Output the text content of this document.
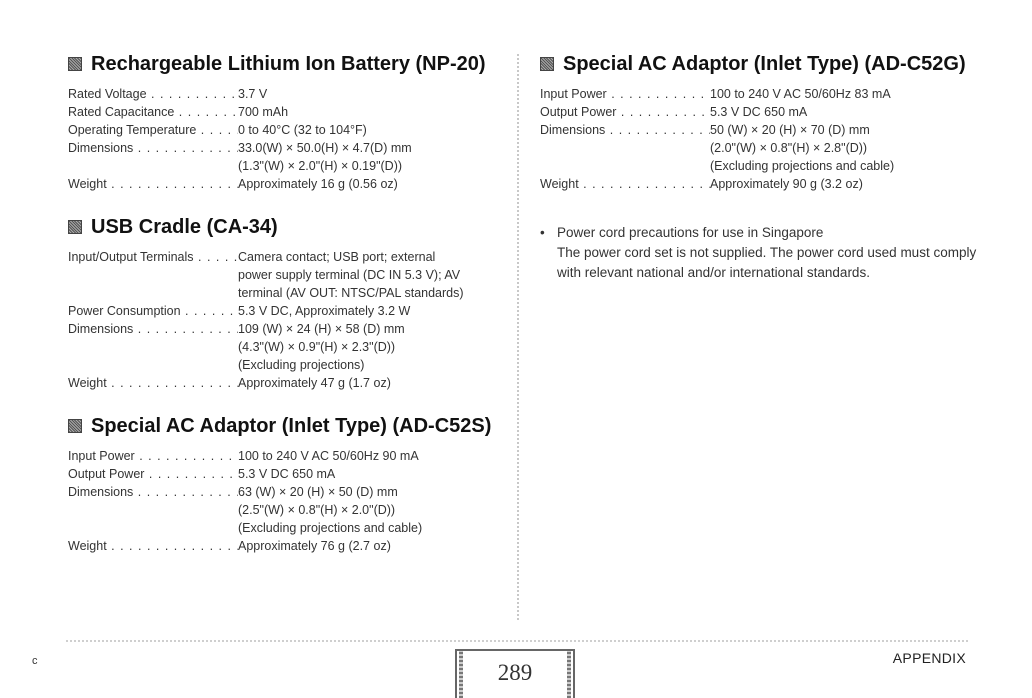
Rechargeable Lithium Ion Battery (NP-20)
Rated Voltage . . .	3.7 V
Rated Capacitance . . .	700 mAh
Operating Temperature . . .	0 to 40°C (32 to 104°F)
Dimensions . . .	33.0(W) × 50.0(H) × 4.7(D) mm
(1.3"(W) × 2.0"(H) × 0.19"(D))
Weight . . .	Approximately 16 g (0.56 oz)
USB Cradle (CA-34)
Input/Output Terminals . . .	Camera contact; USB port; external
power supply terminal (DC IN 5.3 V); AV
terminal (AV OUT: NTSC/PAL standards)
Power Consumption . . .	5.3 V DC, Approximately 3.2 W
Dimensions . . .	109 (W) × 24 (H) × 58 (D) mm
(4.3"(W) × 0.9"(H) × 2.3"(D))
(Excluding projections)
Weight . . .	Approximately 47 g (1.7 oz)
Special AC Adaptor (Inlet Type) (AD-C52S)
Input Power . . .	100 to 240 V AC 50/60Hz 90 mA
Output Power . . .	5.3 V DC 650 mA
Dimensions . . .	63 (W) × 20 (H) × 50 (D) mm
(2.5"(W) × 0.8"(H) × 2.0"(D))
(Excluding projections and cable)
Weight . . .	Approximately 76 g (2.7 oz)
Special AC Adaptor (Inlet Type) (AD-C52G)
Input Power . . .	100 to 240 V AC 50/60Hz 83 mA
Output Power . . .	5.3 V DC 650 mA
Dimensions . . .	50 (W) × 20 (H) × 70 (D) mm
(2.0"(W) × 0.8"(H) × 2.8"(D))
(Excluding projections and cable)
Weight . . .	Approximately 90 g (3.2 oz)
• Power cord precautions for use in Singapore
The power cord set is not supplied. The power cord used must comply with relevant national and/or international standards.
c	289
APPENDIX
